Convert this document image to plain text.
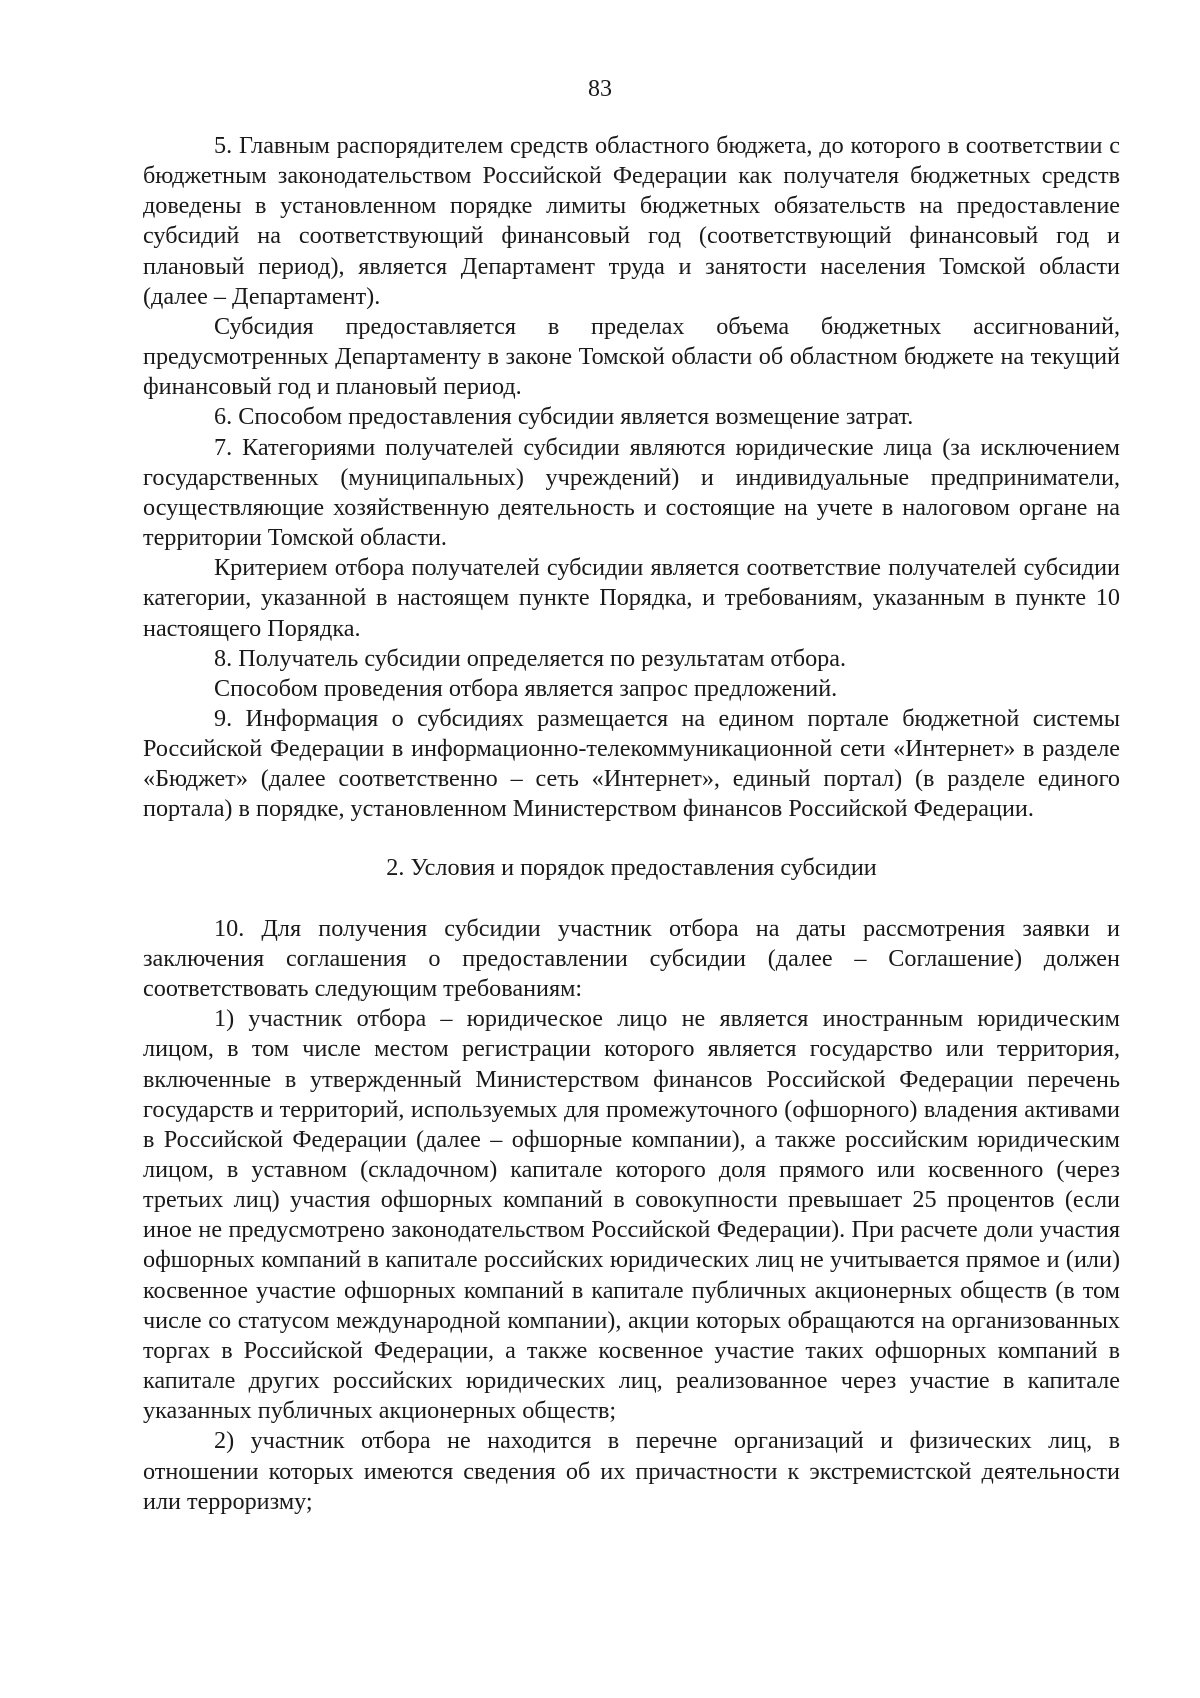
83

5. Главным распорядителем средств областного бюджета, до которого в соответствии с бюджетным законодательством Российской Федерации как получателя бюджетных средств доведены в установленном порядке лимиты бюджетных обязательств на предоставление субсидий на соответствующий финансовый год (соответствующий финансовый год и плановый период), является Департамент труда и занятости населения Томской области (далее – Департамент).

Субсидия предоставляется в пределах объема бюджетных ассигнований, предусмотренных Департаменту в законе Томской области об областном бюджете на текущий финансовый год и плановый период.

6. Способом предоставления субсидии является возмещение затрат.

7. Категориями получателей субсидии являются юридические лица (за исключением государственных (муниципальных) учреждений) и индивидуальные предприниматели, осуществляющие хозяйственную деятельность и состоящие на учете в налоговом органе на территории Томской области.

Критерием отбора получателей субсидии является соответствие получателей субсидии категории, указанной в настоящем пункте Порядка, и требованиям, указанным в пункте 10 настоящего Порядка.

8. Получатель субсидии определяется по результатам отбора.

Способом проведения отбора является запрос предложений.

9. Информация о субсидиях размещается на едином портале бюджетной системы Российской Федерации в информационно-телекоммуникационной сети «Интернет» в разделе «Бюджет» (далее соответственно – сеть «Интернет», единый портал) (в разделе единого портала) в порядке, установленном Министерством финансов Российской Федерации.

2. Условия и порядок предоставления субсидии

10. Для получения субсидии участник отбора на даты рассмотрения заявки и заключения соглашения о предоставлении субсидии (далее – Соглашение) должен соответствовать следующим требованиям:

1) участник отбора – юридическое лицо не является иностранным юридическим лицом, в том числе местом регистрации которого является государство или территория, включенные в утвержденный Министерством финансов Российской Федерации перечень государств и территорий, используемых для промежуточного (офшорного) владения активами в Российской Федерации (далее – офшорные компании), а также российским юридическим лицом, в уставном (складочном) капитале которого доля прямого или косвенного (через третьих лиц) участия офшорных компаний в совокупности превышает 25 процентов (если иное не предусмотрено законодательством Российской Федерации). При расчете доли участия офшорных компаний в капитале российских юридических лиц не учитывается прямое и (или) косвенное участие офшорных компаний в капитале публичных акционерных обществ (в том числе со статусом международной компании), акции которых обращаются на организованных торгах в Российской Федерации, а также косвенное участие таких офшорных компаний в капитале других российских юридических лиц, реализованное через участие в капитале указанных публичных акционерных обществ;

2) участник отбора не находится в перечне организаций и физических лиц, в отношении которых имеются сведения об их причастности к экстремистской деятельности или терроризму;
